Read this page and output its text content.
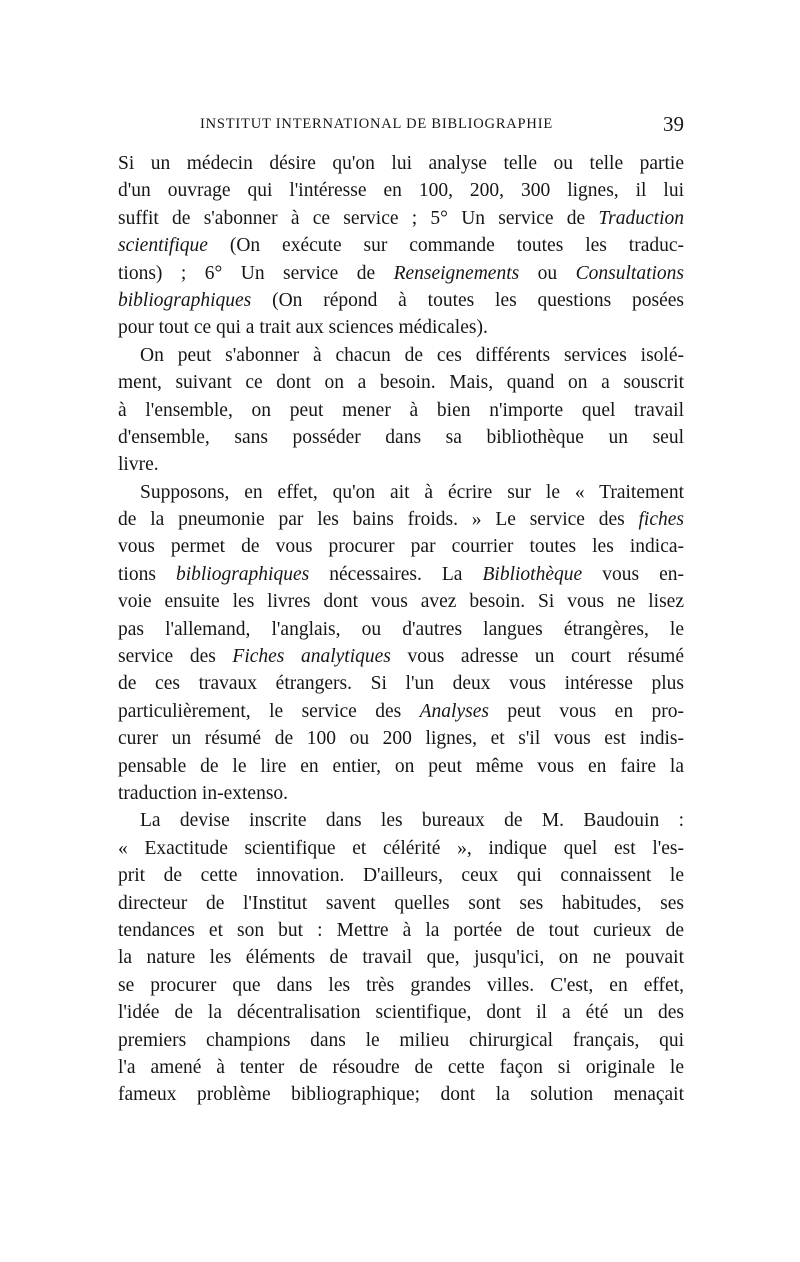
INSTITUT INTERNATIONAL DE BIBLIOGRAPHIE	39
Si un médecin désire qu'on lui analyse telle ou telle partie
d'un ouvrage qui l'intéresse en 100, 200, 300 lignes, il lui
suffit de s'abonner à ce service ; 5° Un service de Traduction
scientifique (On exécute sur commande toutes les traduc-
tions) ; 6° Un service de Renseignements ou Consultations
bibliographiques (On répond à toutes les questions posées
pour tout ce qui a trait aux sciences médicales).
On peut s'abonner à chacun de ces différents services isolé-
ment, suivant ce dont on a besoin. Mais, quand on a souscrit
à l'ensemble, on peut mener à bien n'importe quel travail
d'ensemble, sans posséder dans sa bibliothèque un seul
livre.
Supposons, en effet, qu'on ait à écrire sur le « Traitement
de la pneumonie par les bains froids. » Le service des fiches
vous permet de vous procurer par courrier toutes les indica-
tions bibliographiques nécessaires. La Bibliothèque vous en-
voie ensuite les livres dont vous avez besoin. Si vous ne lisez
pas l'allemand, l'anglais, ou d'autres langues étrangères, le
service des Fiches analytiques vous adresse un court résumé
de ces travaux étrangers. Si l'un deux vous intéresse plus
particulièrement, le service des Analyses peut vous en pro-
curer un résumé de 100 ou 200 lignes, et s'il vous est indis-
pensable de le lire en entier, on peut même vous en faire la
traduction in-extenso.
La devise inscrite dans les bureaux de M. Baudouin :
« Exactitude scientifique et célérité », indique quel est l'es-
prit de cette innovation. D'ailleurs, ceux qui connaissent le
directeur de l'Institut savent quelles sont ses habitudes, ses
tendances et son but : Mettre à la portée de tout curieux de
la nature les éléments de travail que, jusqu'ici, on ne pouvait
se procurer que dans les très grandes villes. C'est, en effet,
l'idée de la décentralisation scientifique, dont il a été un des
premiers champions dans le milieu chirurgical français, qui
l'a amené à tenter de résoudre de cette façon si originale le
fameux problème bibliographique; dont la solution menaçait
